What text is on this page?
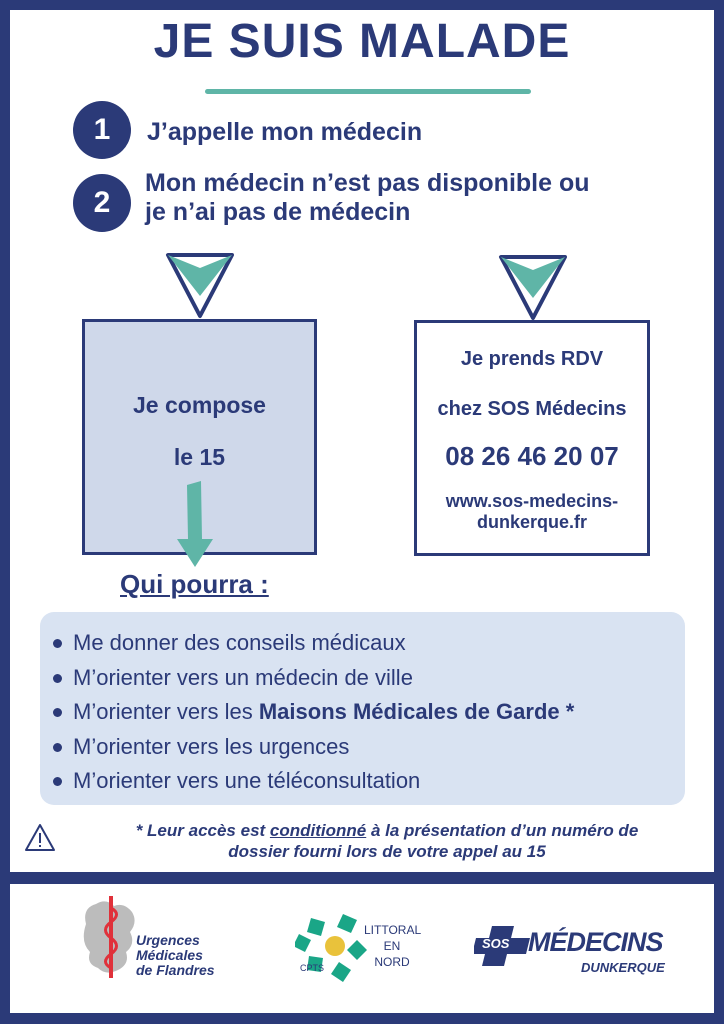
JE SUIS MALADE
1	J’appelle mon médecin
2
Mon médecin n’est pas disponible ou
je n’ai pas de médecin
Je compose
le 15
Je prends RDV
chez SOS Médecins
08 26 46 20 07
www.sos-medecins-
dunkerque.fr
Qui pourra :
Me donner des conseils médicaux
M’orienter vers un médecin de ville
M’orienter vers les Maisons Médicales de Garde *
M’orienter vers les urgences
M’orienter vers une téléconsultation
* Leur accès est conditionné à la présentation d’un numéro de
dossier fourni lors de votre appel au 15
Urgences
Médicales
de Flandres
LITTORAL
EN
NORD
CPTS
SOS MÉDECINS
DUNKERQUE
